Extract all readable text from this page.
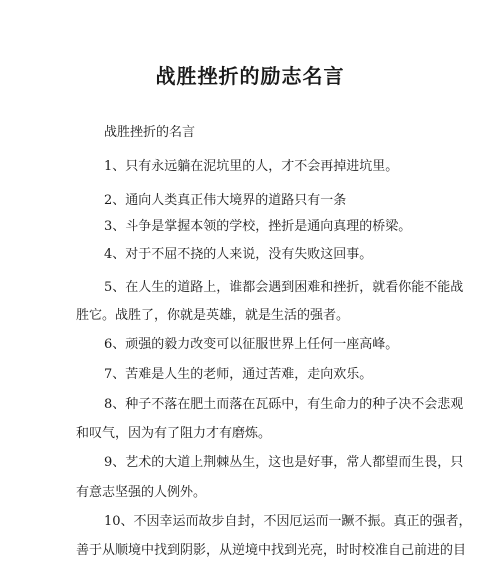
战胜挫折的励志名言
战胜挫折的名言
1、只有永远躺在泥坑里的人，才不会再掉进坑里。
2、通向人类真正伟大境界的道路只有一条
3、斗争是掌握本领的学校，挫折是通向真理的桥梁。
4、对于不屈不挠的人来说，没有失败这回事。
5、在人生的道路上，谁都会遇到困难和挫折，就看你能不能战
胜它。战胜了，你就是英雄，就是生活的强者。
6、顽强的毅力改变可以征服世界上任何一座高峰。
7、苦难是人生的老师，通过苦难，走向欢乐。
8、种子不落在肥土而落在瓦砾中，有生命力的种子决不会悲观
和叹气，因为有了阻力才有磨炼。
9、艺术的大道上荆棘丛生，这也是好事，常人都望而生畏，只
有意志坚强的人例外。
10、不因幸运而故步自封，不因厄运而一蹶不振。真正的强者，
善于从顺境中找到阴影，从逆境中找到光亮，时时校准自己前进的目
